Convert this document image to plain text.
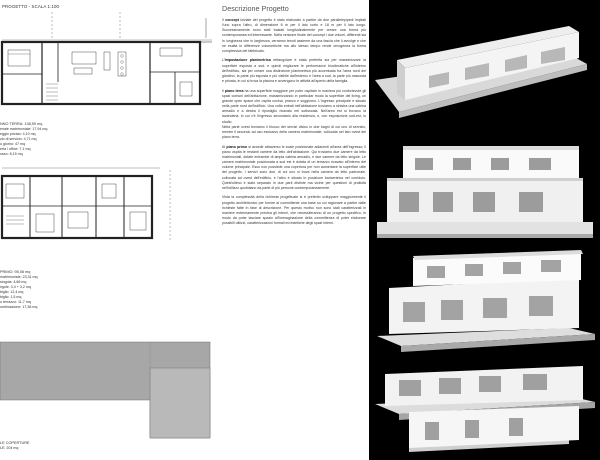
PROGETTO - SCALA 1:100
NNO TERRA: 138,99 mq
enale matrimoniale: 17,94 mq
eggio privato: 4,10 mq
zio di servizio: 4,71 mq
o giorno: 47 mq
eria / office: 7,1 mq
osso: 8,15 mq
PRIMO: 95,06 mq
matrimoniale: 23,31 mq
singola: 4,66 mq
ngole: 3,4 + 3,2 mq
biglio: 12,4 mq
biglio: 1,5 mq
o terrazzo: 11,7 mq
ombinazione: 17,38 mq
LE COPERTURE
LE: 204 mq
Descrizione Progetto

Il concept iniziale del progetto è stato elaborato a partire da due parallelepipedi impilati l'uno sopra l'altro, di dimensione 6 m per il lato corto e 18 m per il lato lungo. Successivamente sono stati traslati longitudinalmente per creare una forma più contemporanea ed interessante. Nella versione finale del concept i due volumi, differenti sia in lunghezza che in larghezza, verranno tenuti assieme da una fascia che li avvolge e che ne esalta le differenze volumetriche ma allo stesso tempo rende omogenea la forma complessiva del fabbricato.

L'impostazione planimetrica rettangolare è stata preferita sia per massimizzare la superficie esposta a sud, e quindi migliorare le performance bioclimatiche all'interno dell'edificio, sia per creare una distinzione planimetrica più accentuata fra l'area nord del giardino, la parte più esposta e più visibile dall'esterno e l'area a sud, la parte più nascosta e privata, in cui si trova la piscina e avvengono le attività all'aperto della famiglia.

Il piano terra ha una superficie maggiore per poter ospitare in maniera più confortevole gli spazi comuni dell'abitazione, massimizzando in particolar modo la superficie del living, un grande open space che ospita cucina, pranzo e soggiorno. L'ingresso principale è situato nella parte nord dell'edificio. Una volta entrati nell'abitazione troviamo a sinistra una cabina armadio e a destra il ripostiglio ricavato nel sottoscala. Nell'area est si trovano la lavanderia, in cui c'è l'ingresso secondario alla residenza, e, con esposizione sud-est, lo studio.

Nella parte ovest troviamo il blocco dei servizi diviso in due bagni di cui uno di servizio, mentre il secondo ad uso esclusivo della camera matrimoniale, collocata nel lato ovest del piano terra.

Al piano primo si accede attraverso le scale posizionate adiacenti all'area dell'ingresso; il piano ospita le restanti camere da letto dell'abitazione. Qui troviamo due camere da letto matrimoniali, dotate entrambe di ampia cabina armadio, e due camere da letto singole. Le camere matrimoniale posizionata a sud est è dotata di un terrazzo ricavato all'interno del volume principale. Esso non possiede una copertura per non aumentare la superficie utile del progetto. I servizi sono due, di cui uno si trova nella camera da letto padronale, collocata ad ovest dell'edificio, e l'altro è situato in posizione baricentrica nel corridoio. Quest'ultimo è stato separato in due parti distinte ma vicine per questioni di praticità nell'utilizzo quotidiano da parte di più persone contemporaneamente.

Vista la complessità della richiesta progettuale si è preferito sviluppare maggiormente il progetto architettonico per fornire al committente una base su cui ragionare a partire dalle richieste fatte in fase di descrizione. Per questo motivo non sono stati caratterizzati in maniere estremamente precisa gli interni, che necessiteranno di un progetto specifico, in modo da poter lasciare spazio all'immaginazione della committenza di poter elaborare possibili utilizzi, caratterizzazioni formali ed estetiche degli spazi interni.
